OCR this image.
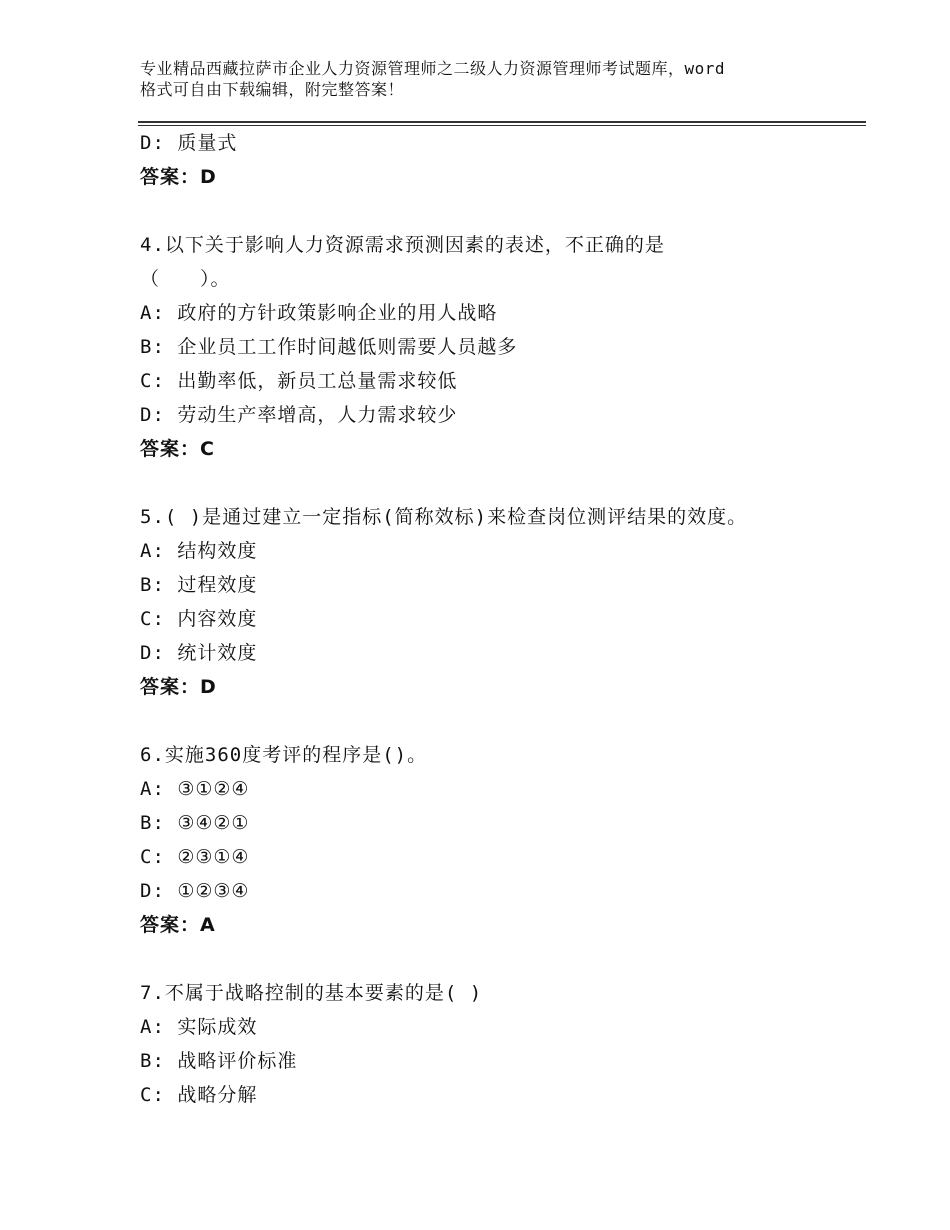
专业精品西藏拉萨市企业人力资源管理师之二级人力资源管理师考试题库，word
格式可自由下载编辑，附完整答案！
D: 质量式
答案：D
4.以下关于影响人力资源需求预测因素的表述，不正确的是
（　　）。
A: 政府的方针政策影响企业的用人战略
B: 企业员工工作时间越低则需要人员越多
C: 出勤率低，新员工总量需求较低
D: 劳动生产率增高，人力需求较少
答案：C
5.( )是通过建立一定指标(简称效标)来检查岗位测评结果的效度。
A: 结构效度
B: 过程效度
C: 内容效度
D: 统计效度
答案：D
6.实施360度考评的程序是()。
A: ③①②④
B: ③④②①
C: ②③①④
D: ①②③④
答案：A
7.不属于战略控制的基本要素的是( )
A: 实际成效
B: 战略评价标准
C: 战略分解
